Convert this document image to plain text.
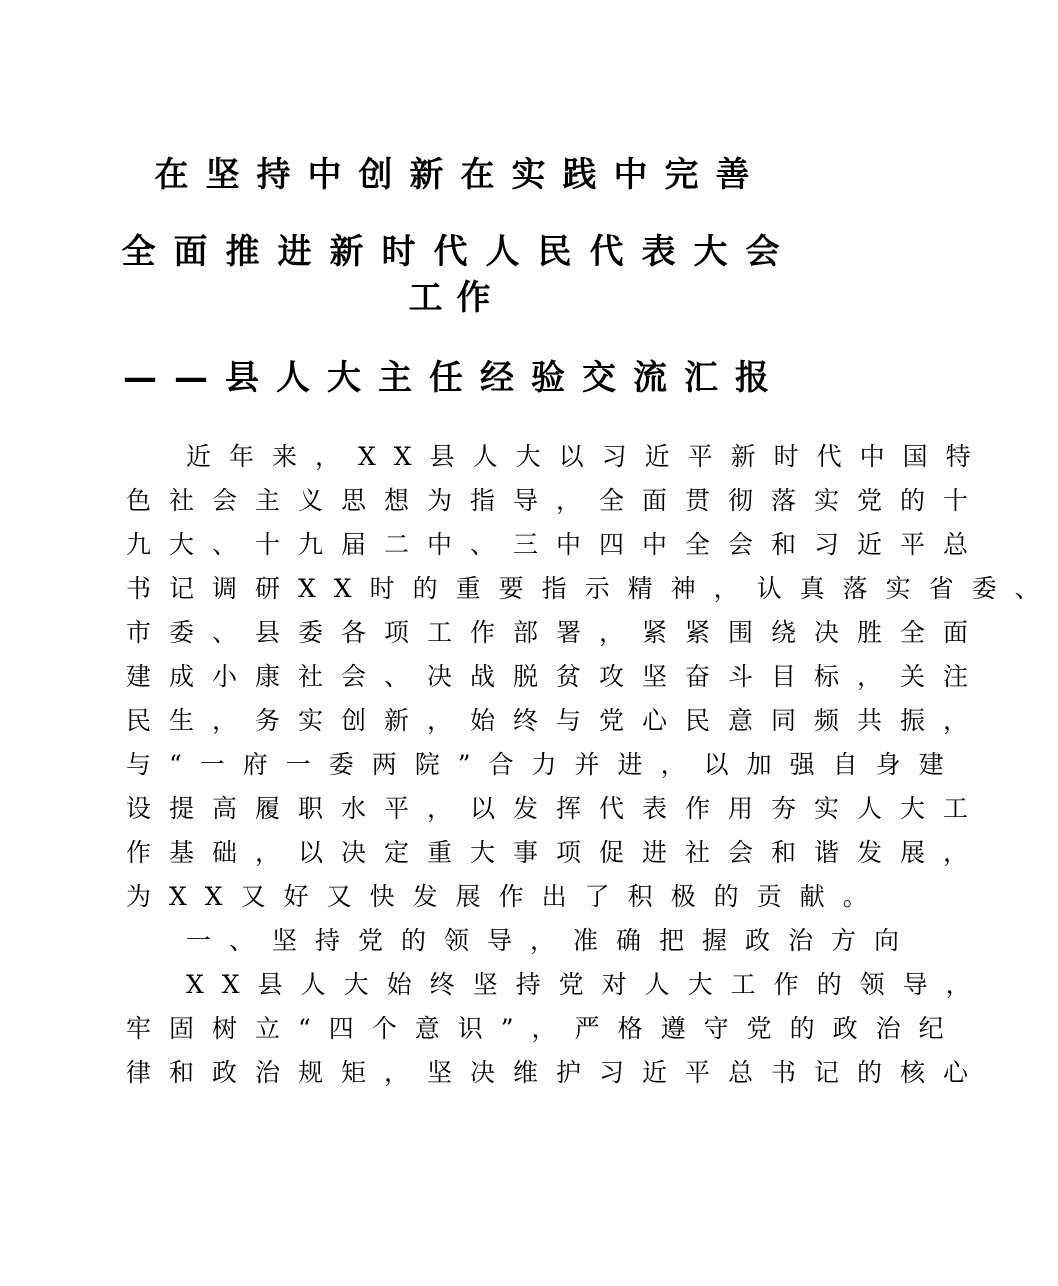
在坚持中创新在实践中完善
全面推进新时代人民代表大会
工作
——县人大主任经验交流汇报
近年来，XX县人大以习近平新时代中国特
色社会主义思想为指导，全面贯彻落实党的十
九大、十九届二中、三中四中全会和习近平总
书记调研XX时的重要指示精神，认真落实省委、
市委、县委各项工作部署，紧紧围绕决胜全面
建成小康社会、决战脱贫攻坚奋斗目标，关注
民生，务实创新，始终与党心民意同频共振，
与“一府一委两院”合力并进，以加强自身建
设提高履职水平，以发挥代表作用夯实人大工
作基础，以决定重大事项促进社会和谐发展，
为XX又好又快发展作出了积极的贡献。
一、坚持党的领导，准确把握政治方向
XX县人大始终坚持党对人大工作的领导，
牢固树立“四个意识”，严格遵守党的政治纪
律和政治规矩，坚决维护习近平总书记的核心
